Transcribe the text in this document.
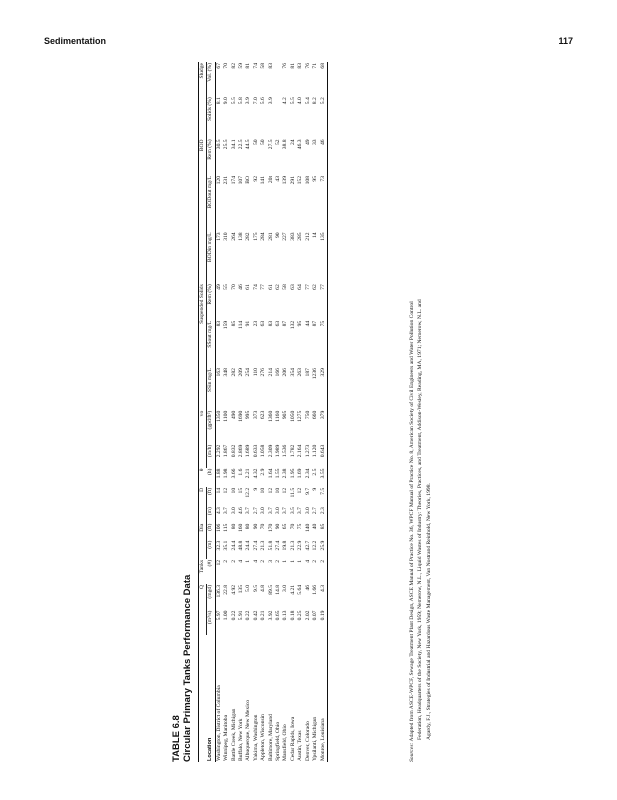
Sedimentation	117
TABLE 6.8 Circular Primary Tanks Performance Data
	Q		Tanks	Dia		D		θ	vo		Suspended Solids			BOD			Sludge	
Location	(m³/s)	(mgd)	(#)	(m)	(ft)	(m)	(ft)	(h)	(m/h)	(gpd/ft²)	SSin mg/L	SSout mg/L	Rem (%)	BODin mg/L	BODout mg/L	Rem (%)	Solids (%)	Vol. (%)
Washington, District of Columbia	5.97	136.3	12	32.3	106	4.3	14	1.88	2.292	1350	163	83	49	173	120	30.5	8.1	67
Winnipeg, Manitoba	1.00	22.8	2	35.1	115	3.7	12	1.98	1.867	1100	348	159	55	310	231	25.5	9.0	70
Battle Creek, Michigan	0.22	4.92	2	24.4	80	3.0	10	3.66	0.832	490	282	85	70	264	174	34.1	5.5	82
Buffalo, New York	5.91	135	4	48.8	160	4.6	15	1.6	2.869	1690	209	114	46	138	107	22.5	5.8	59
Albuquerque, New Mexico	0.22	5.0	1	24.4	80	3.7	12.2	2.21	1.689	995	254	91	61	282	BO	44.5	3.9	81
Yakima, Washington	0.42	9.5	4	27.4	90	2.7	9	4.32	0.633	373	110	23	74	175	92	50	7.0	74
Appleton, Wisconsin	0.21	4.8	2	21.3	70	3.0	10	2.9	1.058	623	276	63	77	284	141	50	5.6	58
Baltimore, Maryland	3.92	89.5	3	51.8	170	3.7	12	1.64	2.309	1360	214	83	61	281	20t	27.5	3.9	83
Springfield, Ohio	0.65	14.8	2	27.4	90	3.0	10	1.55	1.989	1160	166	63	62	90	43	52		
Mansfield, Ohio	0.13	3.0	1	19.8	65	3.7	12	2.38	1.536	905	206	87	58	227	139	38.8	4.2	76
Cedar Rapids, Iowa	0.18	4.21	1	21.3	70	3.5	11.5	1.95	1.782	1050	354	132	63	383	291	24	5.5	81
Austin, Texas	0.25	5.64	1	22.9	75	3.7	12	1.69	2.164	1275	263	95	64	285	152	46.3	4.0	83
Denver, Colorado	2.02	46	4	42.7	140	3.0	9.7	2.34	1.273	750	187	44	77	212	108	49	5.4	76
Ypsilanti, Michigan	0.07	1.66	2	12.2	40	2.7	9	2.5	1.120	660	1236	87	62	14	95	33	8.2	71
Monroe, Louisiana	0.19	4.3	2	25.9	85	2.3	7.5	3.55	0.643	379	329	75	77	135	73	46	5.2	68
Sources: Adapted from ASCE-WPCF, Sewage Treatment Plant Design, ASCE Manual of Practice No. 36, WPCF Manual of Practice No. 8, American Society of Civil Engineers and Water Pollution Control Federation, Headquarters of the Society, New York, 1959; Nemerow, N.L., Liquid Wastes of Industry: Theories, Practices, and Treatment, Addison-Wesley, Reading, MA, 1971; Nemerow, N.L. and Agardy, F.J., Strategies of Industrial and Hazardous Waste Management, Van Nostrand Reinhold, New York, 1998.
